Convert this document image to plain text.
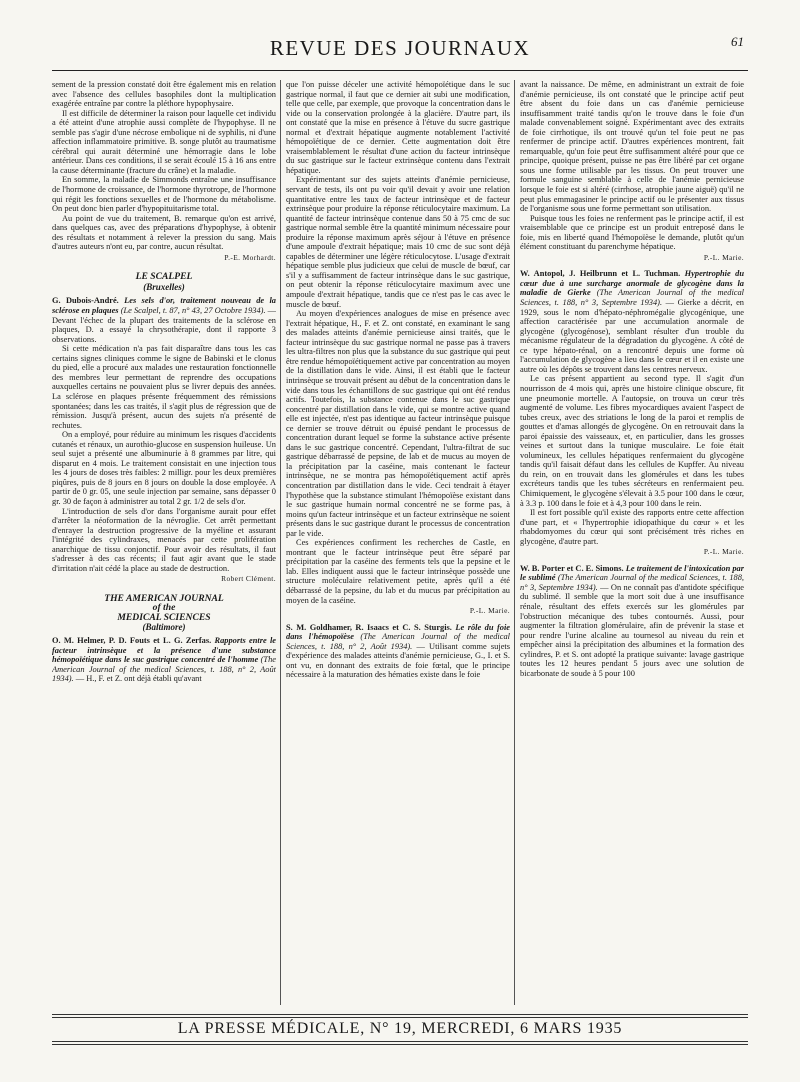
REVUE DES JOURNAUX	61

sement de la pression constaté doit être également mis en relation avec l'absence des cellules basophiles dont la multiplication exagérée entraîne par contre la pléthore hypophysaire.

Il est difficile de déterminer la raison pour laquelle cet individu a été atteint d'une atrophie aussi complète de l'hypophyse. Il ne semble pas s'agir d'une nécrose embolique ni de syphilis, ni d'une affection inflammatoire primitive. B. songe plutôt au traumatisme cérébral qui aurait déterminé une hémorragie dans le lobe antérieur. Dans ces conditions, il se serait écoulé 15 à 16 ans entre la cause déterminante (fracture du crâne) et la maladie.

En somme, la maladie de Simmonds entraîne une insuffisance de l'hormone de croissance, de l'hormone thyrotrope, de l'hormone qui régit les fonctions sexuelles et de l'hormone du métabolisme. On peut donc bien parler d'hypopituitarisme total.

Au point de vue du traitement, B. remarque qu'on est arrivé, dans quelques cas, avec des préparations d'hypophyse, à obtenir des résultats et notamment à relever la pression du sang. Mais d'autres auteurs n'ont eu, par contre, aucun résultat.

P.-E. Morhardt.

LE SCALPEL
(Bruxelles)

G. Dubois-André. Les sels d'or, traitement nouveau de la sclérose en plaques (Le Scalpel, t. 87, n° 43, 27 Octobre 1934). — Devant l'échec de la plupart des traitements de la sclérose en plaques, D. a essayé la chrysothérapie, dont il rapporte 3 observations.

Si cette médication n'a pas fait disparaître dans tous les cas certains signes cliniques comme le signe de Babinski et le clonus du pied, elle a procuré aux malades une restauration fonctionnelle des membres leur permettant de reprendre des occupations auxquelles certains ne pouvaient plus se livrer depuis des années. La sclérose en plaques présente fréquemment des rémissions spontanées; dans les cas traités, il s'agit plus de régression que de rémission. Jusqu'à présent, aucun des sujets n'a présenté de rechutes.

On a employé, pour réduire au minimum les risques d'accidents cutanés et rénaux, un aurothio-glucose en suspension huileuse. Un seul sujet a présenté une albuminurie à 8 grammes par litre, qui disparut en 4 mois. Le traitement consistait en une injection tous les 4 jours de doses très faibles: 2 milligr. pour les deux premières piqûres, puis de 8 jours en 8 jours on double la dose employée. A partir de 0 gr. 05, une seule injection par semaine, sans dépasser 0 gr. 30 de façon à administrer au total 2 gr. 1/2 de sels d'or.

L'introduction de sels d'or dans l'organisme aurait pour effet d'arrêter la néoformation de la névroglie. Cet arrêt permettant d'enrayer la destruction progressive de la myéline et assurant l'intégrité des cylindraxes, menacés par cette prolifération anarchique de tissu conjonctif. Pour avoir des résultats, il faut s'adresser à des cas récents; il faut agir avant que le stade d'irritation n'ait cédé la place au stade de destruction.

Robert Clément.

THE AMERICAN JOURNAL
of the
MEDICAL SCIENCES
(Baltimore)

O. M. Helmer, P. D. Fouts et L. G. Zerfas. Rapports entre le facteur intrinsèque et la présence d'une substance hémopoïétique dans le suc gastrique concentré de l'homme (The American Journal of the medical Sciences, t. 188, n° 2, Août 1934). — H., F. et Z. ont déjà établi qu'avant

que l'on puisse déceler une activité hémopoïétique dans le suc gastrique normal, il faut que ce dernier ait subi une modification, telle que celle, par exemple, que provoque la concentration dans le vide ou la conservation prolongée à la glacière. D'autre part, ils ont constaté que la mise en présence à l'étuve du sucre gastrique normal et d'extrait hépatique augmente notablement l'activité hémopoïétique de ce dernier. Cette augmentation doit être vraisemblablement le résultat d'une action du facteur intrinsèque du suc gastrique sur le facteur extrinsèque contenu dans l'extrait hépatique.

Expérimentant sur des sujets atteints d'anémie pernicieuse, servant de tests, ils ont pu voir qu'il devait y avoir une relation quantitative entre les taux de facteur intrinsèque et de facteur extrinsèque pour produire la réponse réticulocytaire maximum. La quantité de facteur intrinsèque contenue dans 50 à 75 cmc de suc gastrique normal semble être la quantité minimum nécessaire pour produire la réponse maximum après séjour à l'étuve en présence d'une ampoule d'extrait hépatique; mais 10 cmc de suc sont déjà capables de déterminer une légère réticulocytose. L'usage d'extrait hépatique semble plus judicieux que celui de muscle de bœuf, car s'il y a suffisamment de facteur intrinsèque dans le suc gastrique, on peut obtenir la réponse réticulocytaire maximum avec une ampoule d'extrait hépatique, tandis que ce n'est pas le cas avec le muscle de bœuf.

Au moyen d'expériences analogues de mise en présence avec l'extrait hépatique, H., F. et Z. ont constaté, en examinant le sang des malades atteints d'anémie pernicieuse ainsi traités, que le facteur intrinsèque du suc gastrique normal ne passe pas à travers les ultra-filtres non plus que la substance du suc gastrique qui peut être rendue hémopoïétiquement active par concentration au moyen de la distillation dans le vide. Ainsi, il est établi que le facteur intrinsèque se trouvait présent au début de la concentration dans le vide dans tous les échantillons de suc gastrique qui ont été rendus actifs. Toutefois, la substance contenue dans le suc gastrique concentré par distillation dans le vide, qui se montre active quand elle est injectée, n'est pas identique au facteur intrinsèque puisque ce dernier se trouve détruit ou épuisé pendant le processus de concentration durant lequel se forme la substance active présente dans le suc gastrique concentré. Cependant, l'ultra-filtrat de suc gastrique débarrassé de pepsine, de lab et de mucus au moyen de la précipitation par la caséine, mais contenant le facteur intrinsèque, ne se montra pas hémopoïétiquement actif après concentration par distillation dans le vide. Ceci tendrait à étayer l'hypothèse que la substance stimulant l'hémopoïèse existant dans le suc gastrique humain normal concentré ne se forme pas, à moins qu'un facteur intrinsèque et un facteur extrinsèque ne soient présents dans le suc gastrique durant le processus de concentration par le vide.

Ces expériences confirment les recherches de Castle, en montrant que le facteur intrinsèque peut être séparé par précipitation par la caséine des ferments tels que la pepsine et le lab. Elles indiquent aussi que le facteur intrinsèque possède une structure moléculaire relativement petite, après qu'il a été débarrassé de la pepsine, du lab et du mucus par précipitation au moyen de la caséine.

P.-L. Marie.

S. M. Goldhamer, R. Isaacs et C. S. Sturgis. Le rôle du foie dans l'hémopoïèse (The American Journal of the medical Sciences, t. 188, n° 2, Août 1934). — Utilisant comme sujets d'expérience des malades atteints d'anémie pernicieuse, G., I. et S. ont vu, en donnant des extraits de foie fœtal, que le principe nécessaire à la maturation des hématies existe dans le foie

avant la naissance. De même, en administrant un extrait de foie d'anémie pernicieuse, ils ont constaté que le principe actif peut être absent du foie dans un cas d'anémie pernicieuse insuffisamment traité tandis qu'on le trouve dans le foie d'un malade convenablement soigné. Expérimentant avec des extraits de foie cirrhotique, ils ont trouvé qu'un tel foie peut ne pas renfermer de principe actif. D'autres expériences montrent, fait remarquable, qu'un foie peut être suffisamment altéré pour que ce principe, quoique présent, puisse ne pas être libéré par cet organe sous une forme utilisable par les tissus. On peut trouver une formule sanguine semblable à celle de l'anémie pernicieuse lorsque le foie est si altéré (cirrhose, atrophie jaune aiguë) qu'il ne peut plus emmagasiner le principe actif ou le présenter aux tissus de l'organisme sous une forme permettant son utilisation.

Puisque tous les foies ne renferment pas le principe actif, il est vraisemblable que ce principe est un produit entreposé dans le foie, mis en liberté quand l'hémopoïèse le demande, plutôt qu'un élément constituant du parenchyme hépatique.

P.-L. Marie.

W. Antopol, J. Heilbrunn et L. Tuchman. Hypertrophie du cœur due à une surcharge anormale de glycogène dans la maladie de Gierke (The American Journal of the medical Sciences, t. 188, n° 3, Septembre 1934). — Gierke a décrit, en 1929, sous le nom d'hépato-néphromégalie glycogénique, une affection caractérisée par une accumulation anormale de glycogène (glycogénose), semblant résulter d'un trouble du mécanisme régulateur de la dégradation du glycogène. A côté de ce type hépato-rénal, on a rencontré depuis une forme où l'accumulation de glycogène a lieu dans le cœur et il en existe une autre où les dépôts se trouvent dans les centres nerveux.

Le cas présent appartient au second type. Il s'agit d'un nourrisson de 4 mois qui, après une histoire clinique obscure, fit une pneumonie mortelle. A l'autopsie, on trouva un cœur très augmenté de volume. Les fibres myocardiques avaient l'aspect de tubes creux, avec des striations le long de la paroi et remplis de gouttes et d'amas allongés de glycogène. On en retrouvait dans la paroi épaissie des vaisseaux, et, en particulier, dans les grosses veines et surtout dans la tunique musculaire. Le foie était volumineux, les cellules hépatiques renfermaient du glycogène tandis qu'il faisait défaut dans les cellules de Kupffer. Au niveau du rein, on en trouvait dans les glomérules et dans les tubes excréteurs tandis que les tubes sécréteurs en renfermaient peu. Chimiquement, le glycogène s'élevait à 3.5 pour 100 dans le cœur, à 3.3 p. 100 dans le foie et à 4,3 pour 100 dans le rein.

Il est fort possible qu'il existe des rapports entre cette affection d'une part, et « l'hypertrophie idiopathique du cœur » et les rhabdomyomes du cœur qui sont précisément très riches en glycogène, d'autre part.

P.-L. Marie.

W. B. Porter et C. E. Simons. Le traitement de l'intoxication par le sublimé (The American Journal of the medical Sciences, t. 188, n° 3, Septembre 1934). — On ne connaît pas d'antidote spécifique du sublimé. Il semble que la mort soit due à une insuffisance rénale, résultant des effets exercés sur les glomérules par l'obstruction mécanique des tubes contournés. Aussi, pour augmenter la filtration glomérulaire, afin de prévenir la stase et pour rendre l'urine alcaline au tournesol au niveau du rein et empêcher ainsi la précipitation des albumines et la formation des cylindres, P. et S. ont adopté la pratique suivante: lavage gastrique toutes les 12 heures pendant 5 jours avec une solution de bicarbonate de soude à 5 pour 100

LA PRESSE MÉDICALE, N° 19, MERCREDI, 6 MARS 1935
